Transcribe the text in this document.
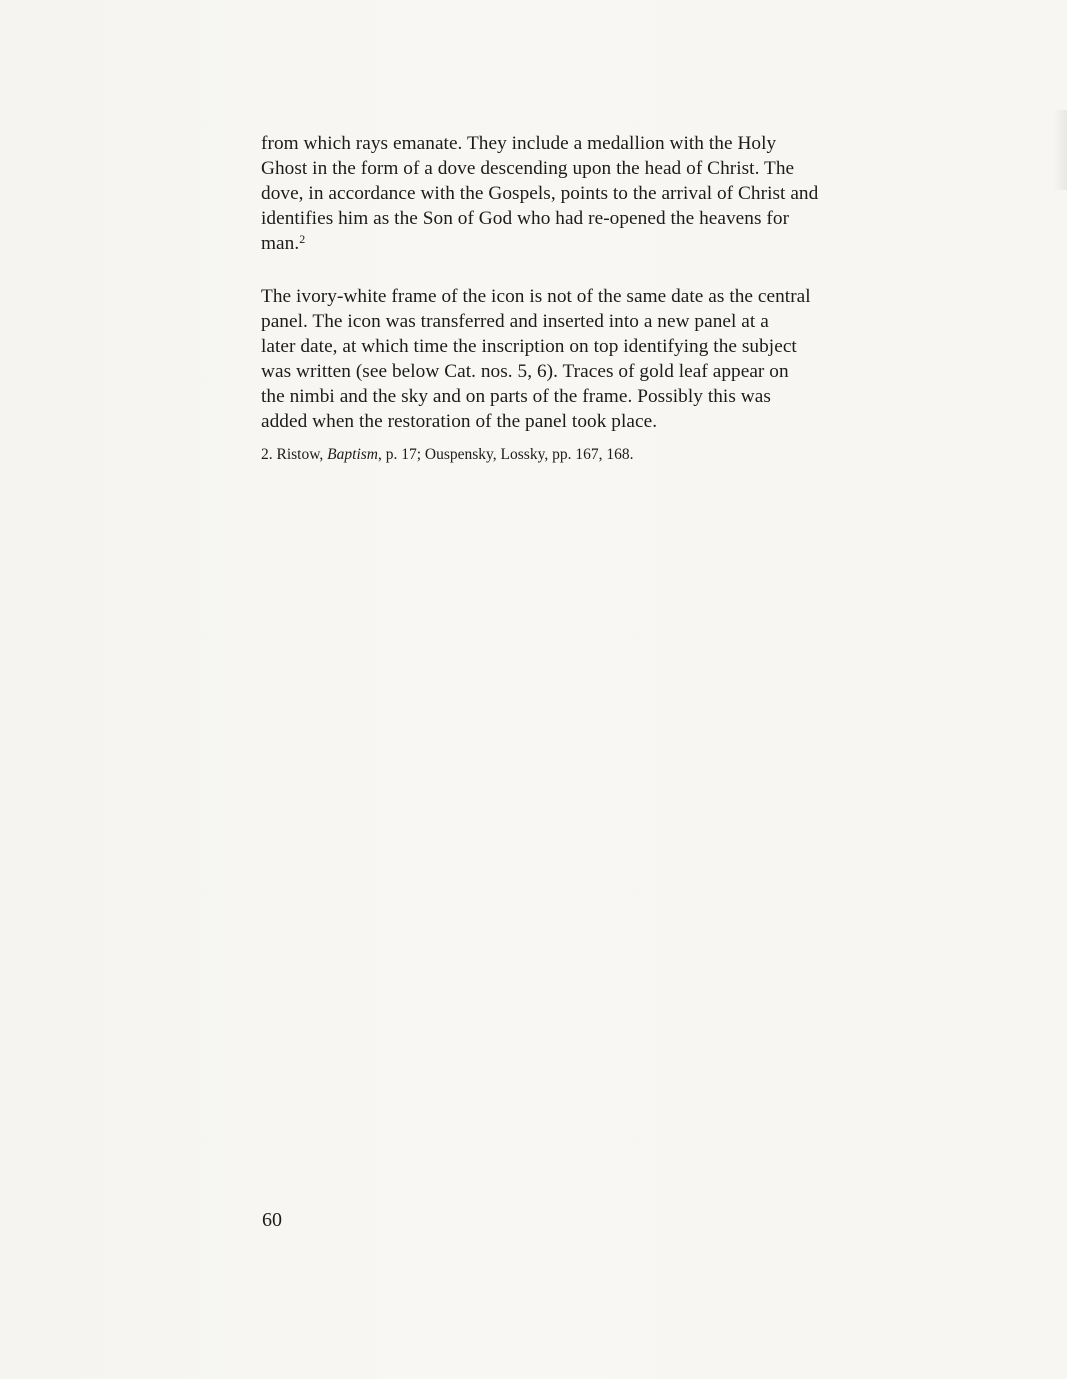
from which rays emanate. They include a medallion with the Holy
Ghost in the form of a dove descending upon the head of Christ. The
dove, in accordance with the Gospels, points to the arrival of Christ and
identifies him as the Son of God who had re-opened the heavens for
man.$^2$

The ivory-white frame of the icon is not of the same date as the central
panel. The icon was transferred and inserted into a new panel at a
later date, at which time the inscription on top identifying the subject
was written (see below Cat. nos. 5, 6). Traces of gold leaf appear on
the nimbi and the sky and on parts of the frame. Possibly this was
added when the restoration of the panel took place.

2. Ristow, Baptism, p. 17; Ouspensky, Lossky, pp. 167, 168.

60
